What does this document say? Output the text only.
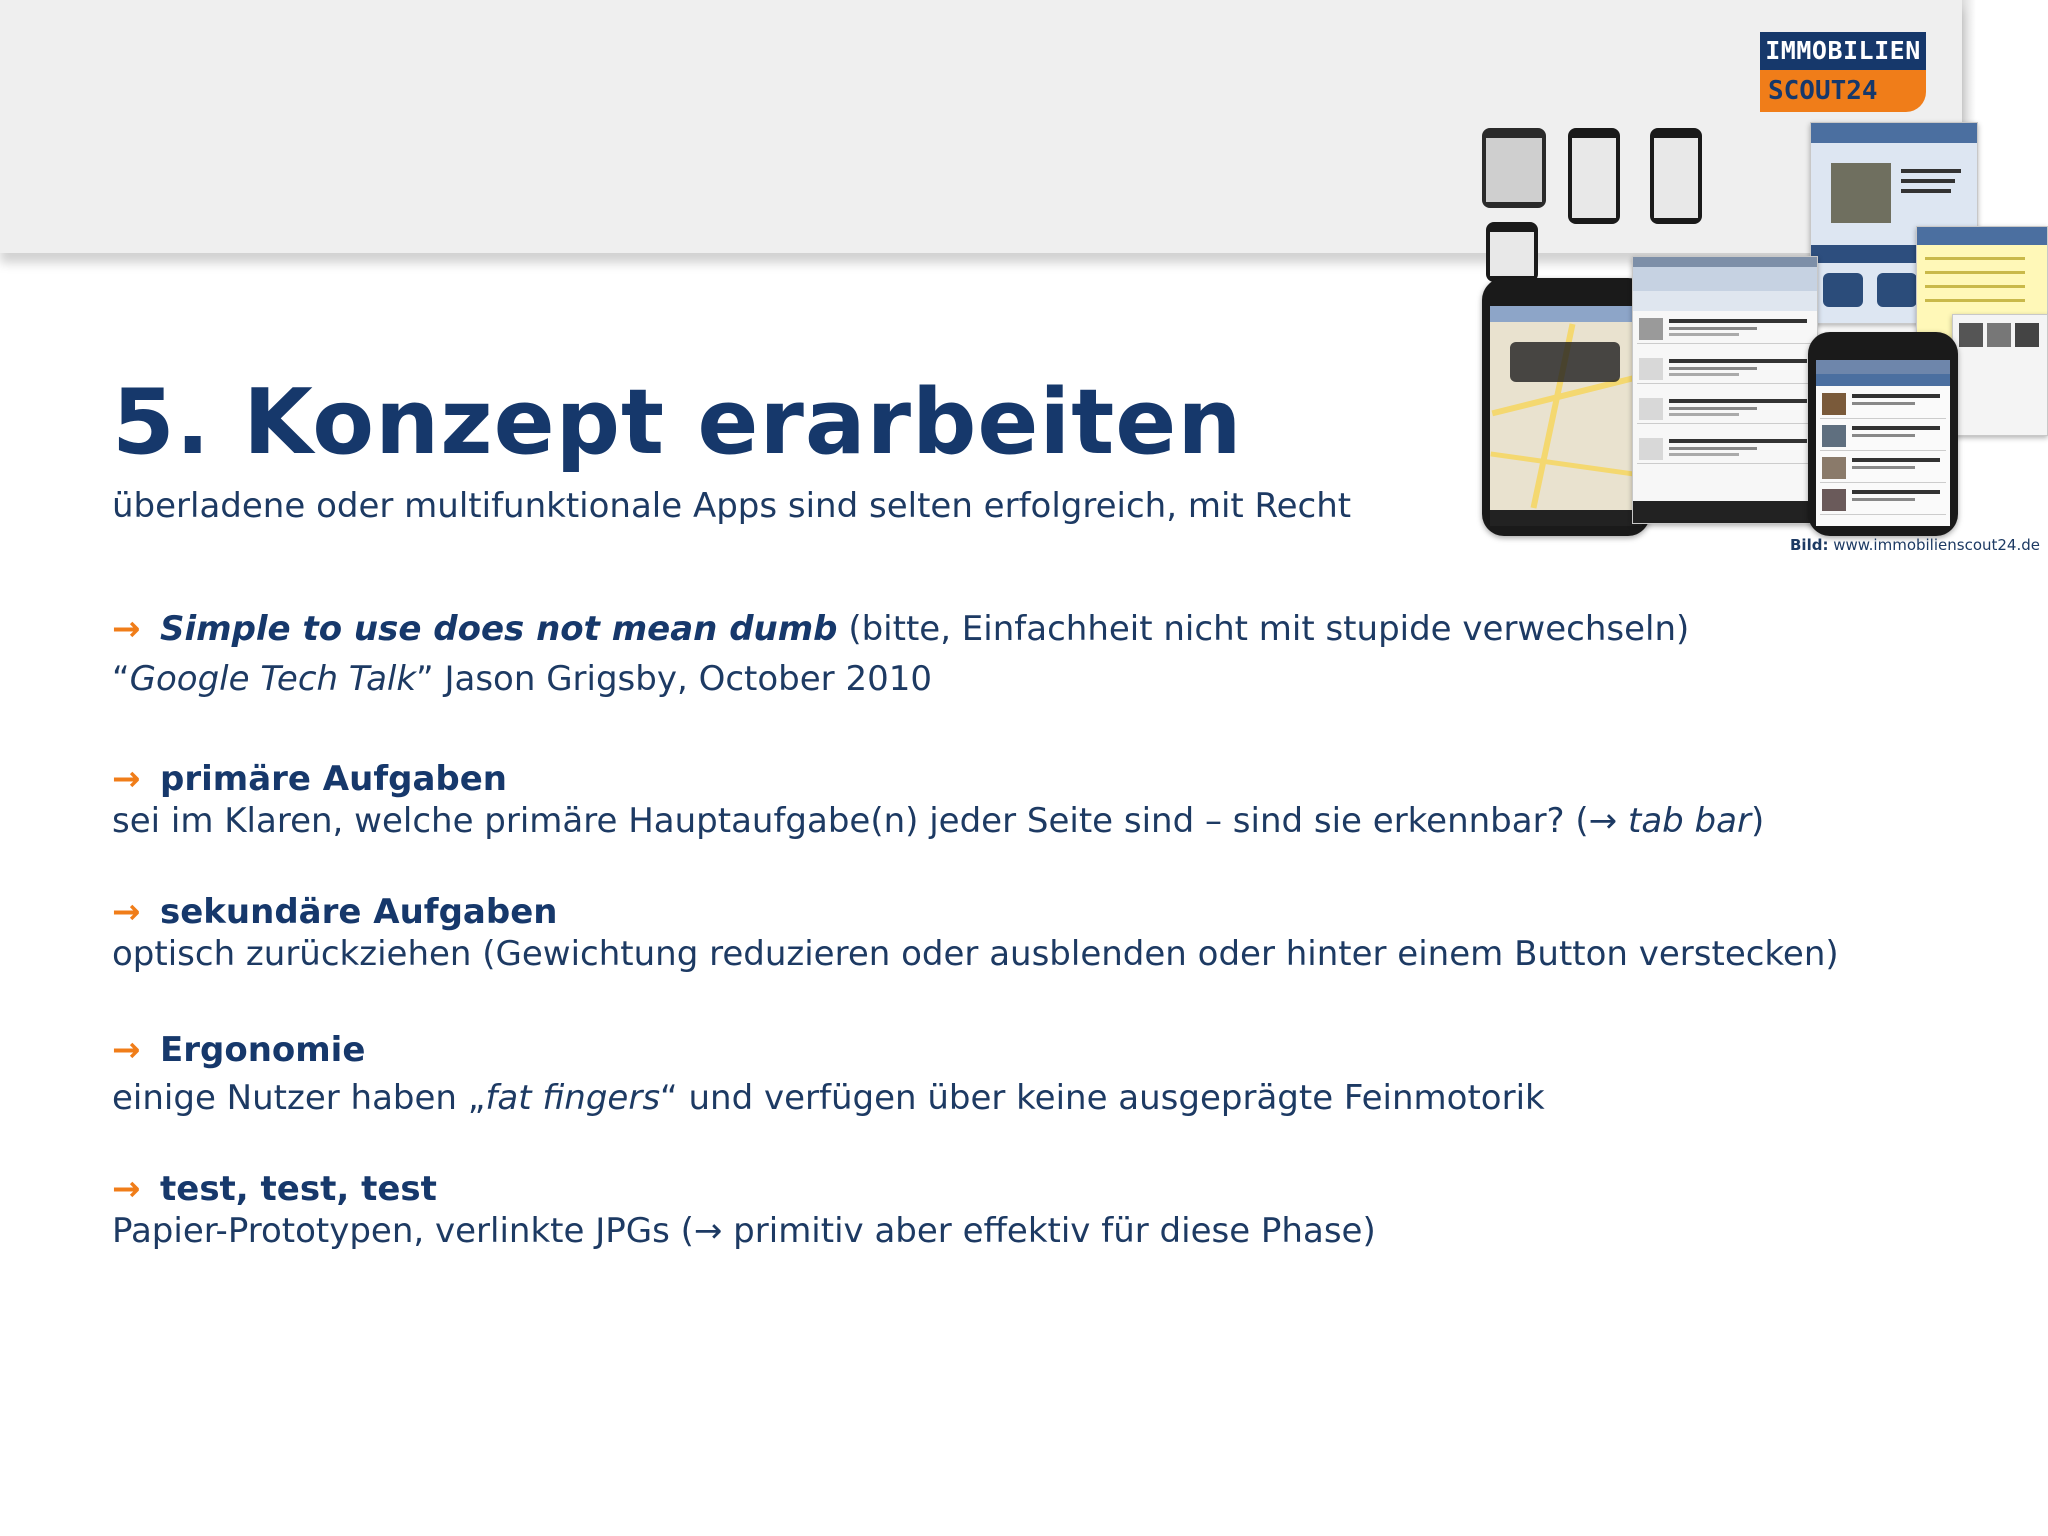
IMMOBILIEN
SCOUT24
Bild: www.immobilienscout24.de
5. Konzept erarbeiten
überladene oder multifunktionale Apps sind selten erfolgreich, mit Recht
→ Simple to use does not mean dumb (bitte, Einfachheit nicht mit stupide verwechseln)
“Google Tech Talk” Jason Grigsby, October 2010
→ primäre Aufgaben
sei im Klaren, welche primäre Hauptaufgabe(n) jeder Seite sind – sind sie erkennbar? (→ tab bar)
→ sekundäre Aufgaben
optisch zurückziehen (Gewichtung reduzieren oder ausblenden oder hinter einem Button verstecken)
→ Ergonomie
einige Nutzer haben „fat fingers“ und verfügen über keine ausgeprägte Feinmotorik
→ test, test, test
Papier-Prototypen, verlinkte JPGs (→ primitiv aber effektiv für diese Phase)
